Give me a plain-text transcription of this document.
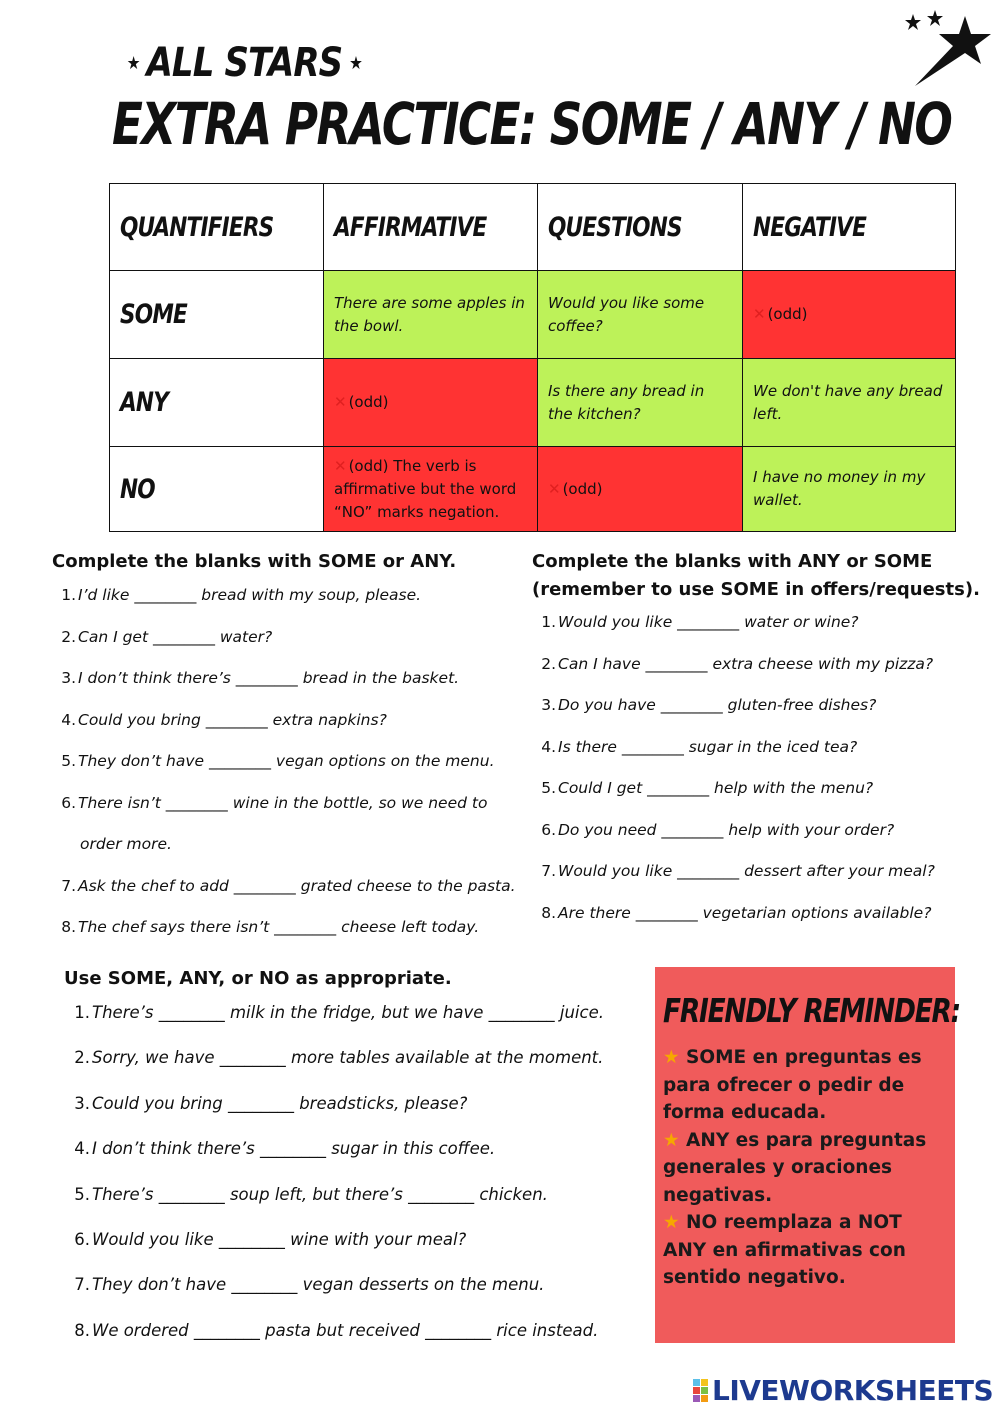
★ ALL STARS ★
EXTRA PRACTICE: SOME / ANY / NO
QUANTIFIERS	AFFIRMATIVE	QUESTIONS	NEGATIVE
SOME	There are some apples in the bowl.	Would you like some coffee?	✕ (odd)
ANY	✕ (odd)	Is there any bread in the kitchen?	We don't have any bread left.
NO	✕ (odd) The verb is affirmative but the word “NO” marks negation.	✕ (odd)	I have no money in my wallet.
Complete the blanks with SOME or ANY.
1. I’d like ________ bread with my soup, please.
2. Can I get ________ water?
3. I don’t think there’s ________ bread in the basket.
4. Could you bring ________ extra napkins?
5. They don’t have ________ vegan options on the menu.
6. There isn’t ________ wine in the bottle, so we need to
7. Ask the chef to add ________ grated cheese to the pasta.
8. The chef says there isn’t ________ cheese left today.
order more.
Complete the blanks with ANY or SOME
(remember to use SOME in offers/requests).
1. Would you like ________ water or wine?
2. Can I have ________ extra cheese with my pizza?
3. Do you have ________ gluten-free dishes?
4. Is there ________ sugar in the iced tea?
5. Could I get ________ help with the menu?
6. Do you need ________ help with your order?
7. Would you like ________ dessert after your meal?
8. Are there ________ vegetarian options available?
Use SOME, ANY, or NO as appropriate.
1. There’s ________ milk in the fridge, but we have ________ juice.
2. Sorry, we have ________ more tables available at the moment.
3. Could you bring ________ breadsticks, please?
4. I don’t think there’s ________ sugar in this coffee.
5. There’s ________ soup left, but there’s ________ chicken.
6. Would you like ________ wine with your meal?
7. They don’t have ________ vegan desserts on the menu.
8. We ordered ________ pasta but received ________ rice instead.
FRIENDLY REMINDER:
★ SOME en preguntas es para ofrecer o pedir de forma educada.
★ ANY es para preguntas generales y oraciones negativas.
★ NO reemplaza a NOT ANY en afirmativas con sentido negativo.
LIVEWORKSHEETS
